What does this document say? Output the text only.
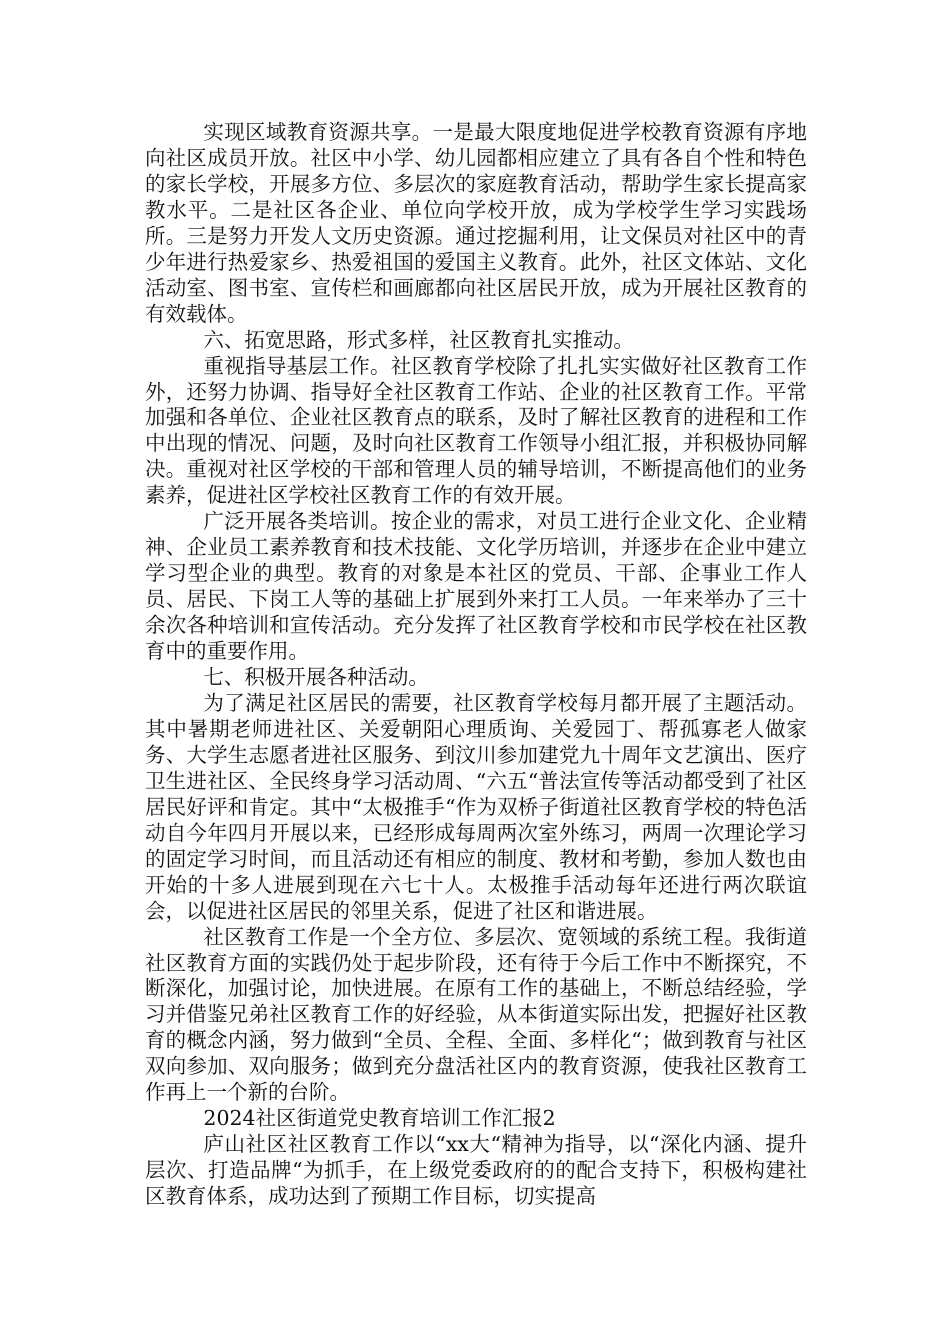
实现区域教育资源共享。一是最大限度地促进学校教育资源有序地向社区成员开放。社区中小学、幼儿园都相应建立了具有各自个性和特色的家长学校，开展多方位、多层次的家庭教育活动，帮助学生家长提高家教水平。二是社区各企业、单位向学校开放，成为学校学生学习实践场所。三是努力开发人文历史资源。通过挖掘利用，让文保员对社区中的青少年进行热爱家乡、热爱祖国的爱国主义教育。此外，社区文体站、文化活动室、图书室、宣传栏和画廊都向社区居民开放，成为开展社区教育的有效载体。

六、拓宽思路，形式多样，社区教育扎实推动。

重视指导基层工作。社区教育学校除了扎扎实实做好社区教育工作外，还努力协调、指导好全社区教育工作站、企业的社区教育工作。平常加强和各单位、企业社区教育点的联系，及时了解社区教育的进程和工作中出现的情况、问题，及时向社区教育工作领导小组汇报，并积极协同解决。重视对社区学校的干部和管理人员的辅导培训，不断提高他们的业务素养，促进社区学校社区教育工作的有效开展。

广泛开展各类培训。按企业的需求，对员工进行企业文化、企业精神、企业员工素养教育和技术技能、文化学历培训，并逐步在企业中建立学习型企业的典型。教育的对象是本社区的党员、干部、企事业工作人员、居民、下岗工人等的基础上扩展到外来打工人员。一年来举办了三十余次各种培训和宣传活动。充分发挥了社区教育学校和市民学校在社区教育中的重要作用。

七、积极开展各种活动。

为了满足社区居民的需要，社区教育学校每月都开展了主题活动。其中暑期老师进社区、关爱朝阳心理质询、关爱园丁、帮孤寡老人做家务、大学生志愿者进社区服务、到汶川参加建党九十周年文艺演出、医疗卫生进社区、全民终身学习活动周、“六五“普法宣传等活动都受到了社区居民好评和肯定。其中“太极推手“作为双桥子街道社区教育学校的特色活动自今年四月开展以来，已经形成每周两次室外练习，两周一次理论学习的固定学习时间，而且活动还有相应的制度、教材和考勤，参加人数也由开始的十多人进展到现在六七十人。太极推手活动每年还进行两次联谊会，以促进社区居民的邻里关系，促进了社区和谐进展。

社区教育工作是一个全方位、多层次、宽领域的系统工程。我街道社区教育方面的实践仍处于起步阶段，还有待于今后工作中不断探究，不断深化，加强讨论，加快进展。在原有工作的基础上，不断总结经验，学习并借鉴兄弟社区教育工作的好经验，从本街道实际出发，把握好社区教育的概念内涵，努力做到“全员、全程、全面、多样化“；做到教育与社区双向参加、双向服务；做到充分盘活社区内的教育资源，使我社区教育工作再上一个新的台阶。

2024社区街道党史教育培训工作汇报2

庐山社区社区教育工作以“xx大“精神为指导，以“深化内涵、提升层次、打造品牌“为抓手，在上级党委政府的的配合支持下，积极构建社区教育体系，成功达到了预期工作目标，切实提高
